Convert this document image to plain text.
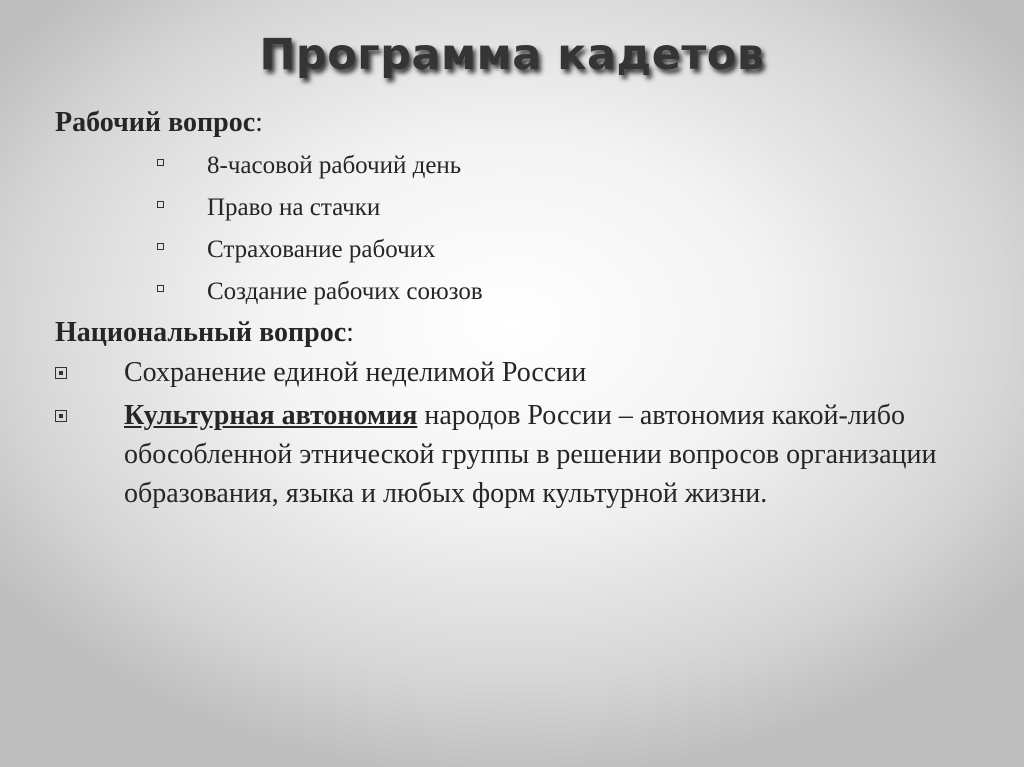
Программа кадетов
Рабочий вопрос:
8-часовой рабочий день
Право на стачки
Страхование рабочих
Создание рабочих союзов
Национальный вопрос:
Сохранение единой неделимой России
Культурная автономия народов России – автономия какой-либо обособленной этнической группы в решении вопросов организации образования, языка и любых форм культурной жизни.
